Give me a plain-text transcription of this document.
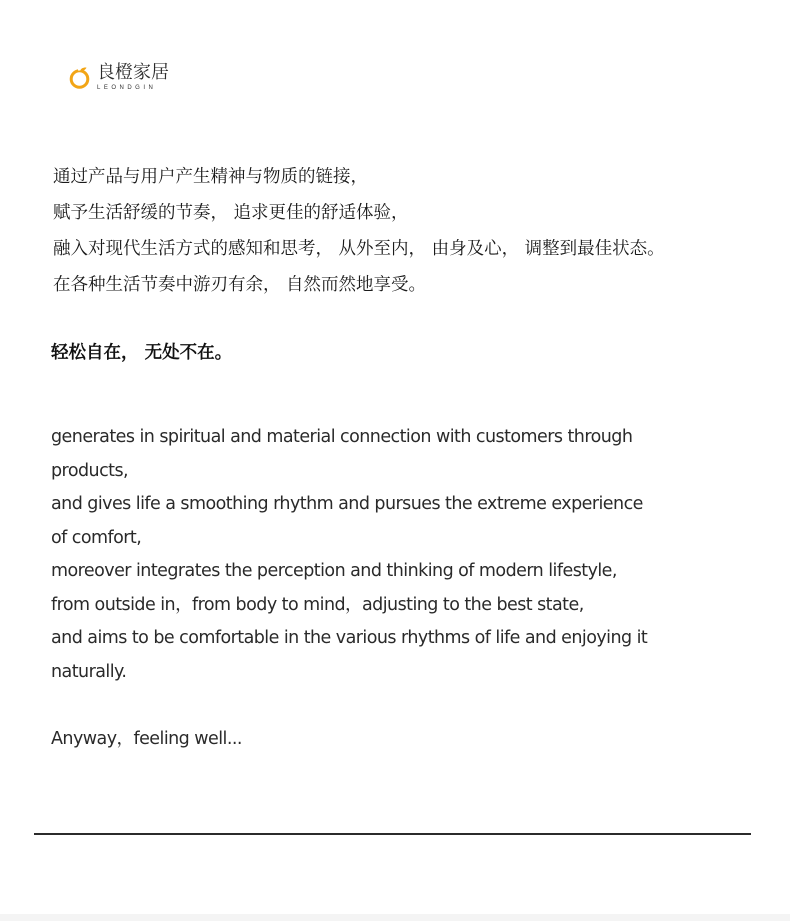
良橙家居
LEONDGIN
通过产品与用户产生精神与物质的链接，
赋予生活舒缓的节奏， 追求更佳的舒适体验，
融入对现代生活方式的感知和思考， 从外至内， 由身及心， 调整到最佳状态。
在各种生活节奏中游刃有余， 自然而然地享受。
轻松自在， 无处不在。
generates in spiritual and material connection with customers through
products,
and gives life a smoothing rhythm and pursues the extreme experience
of comfort,
moreover integrates the perception and thinking of modern lifestyle,
from outside in，from body to mind，adjusting to the best state,
and aims to be comfortable in the various rhythms of life and enjoying it
naturally.
Anyway，feeling well...
